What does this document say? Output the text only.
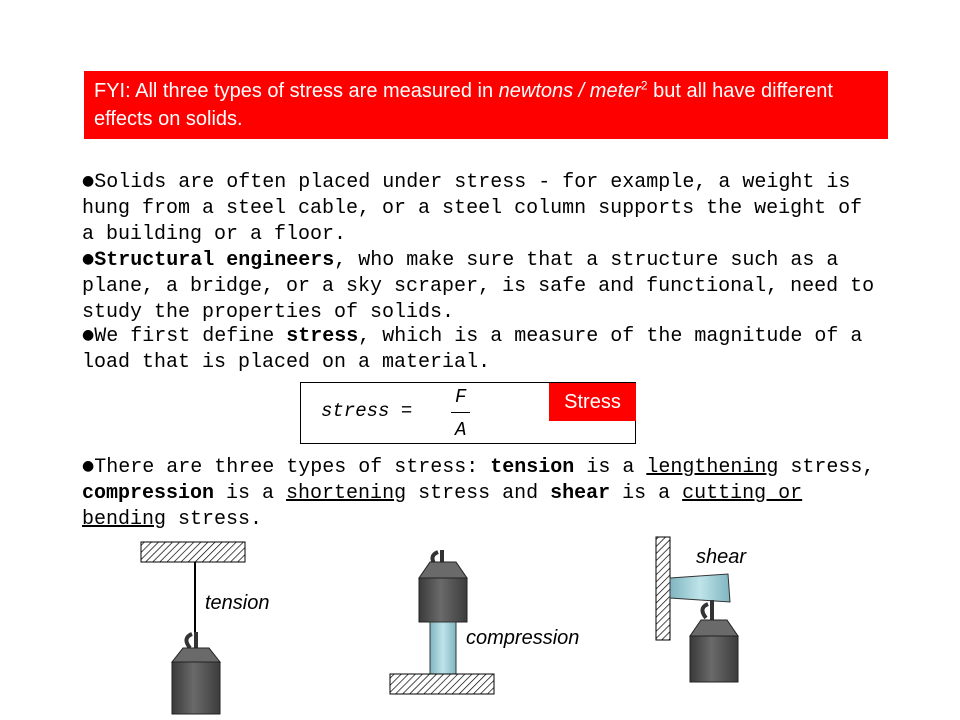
FYI: All three types of stress are measured in newtons / meter$^2$ but all have different effects on solids.

●Solids are often placed under stress - for example, a weight is hung from a steel cable, or a steel column supports the weight of a building or a floor.

●Structural engineers, who make sure that a structure such as a plane, a bridge, or a sky scraper, is safe and functional, need to study the properties of solids.

●We first define stress, which is a measure of the magnitude of a load that is placed on a material.

stress =
F
A
Stress

●There are three types of stress: tension is a lengthening stress, compression is a shortening stress and shear is a cutting or bending stress.

tension
compression
shear
